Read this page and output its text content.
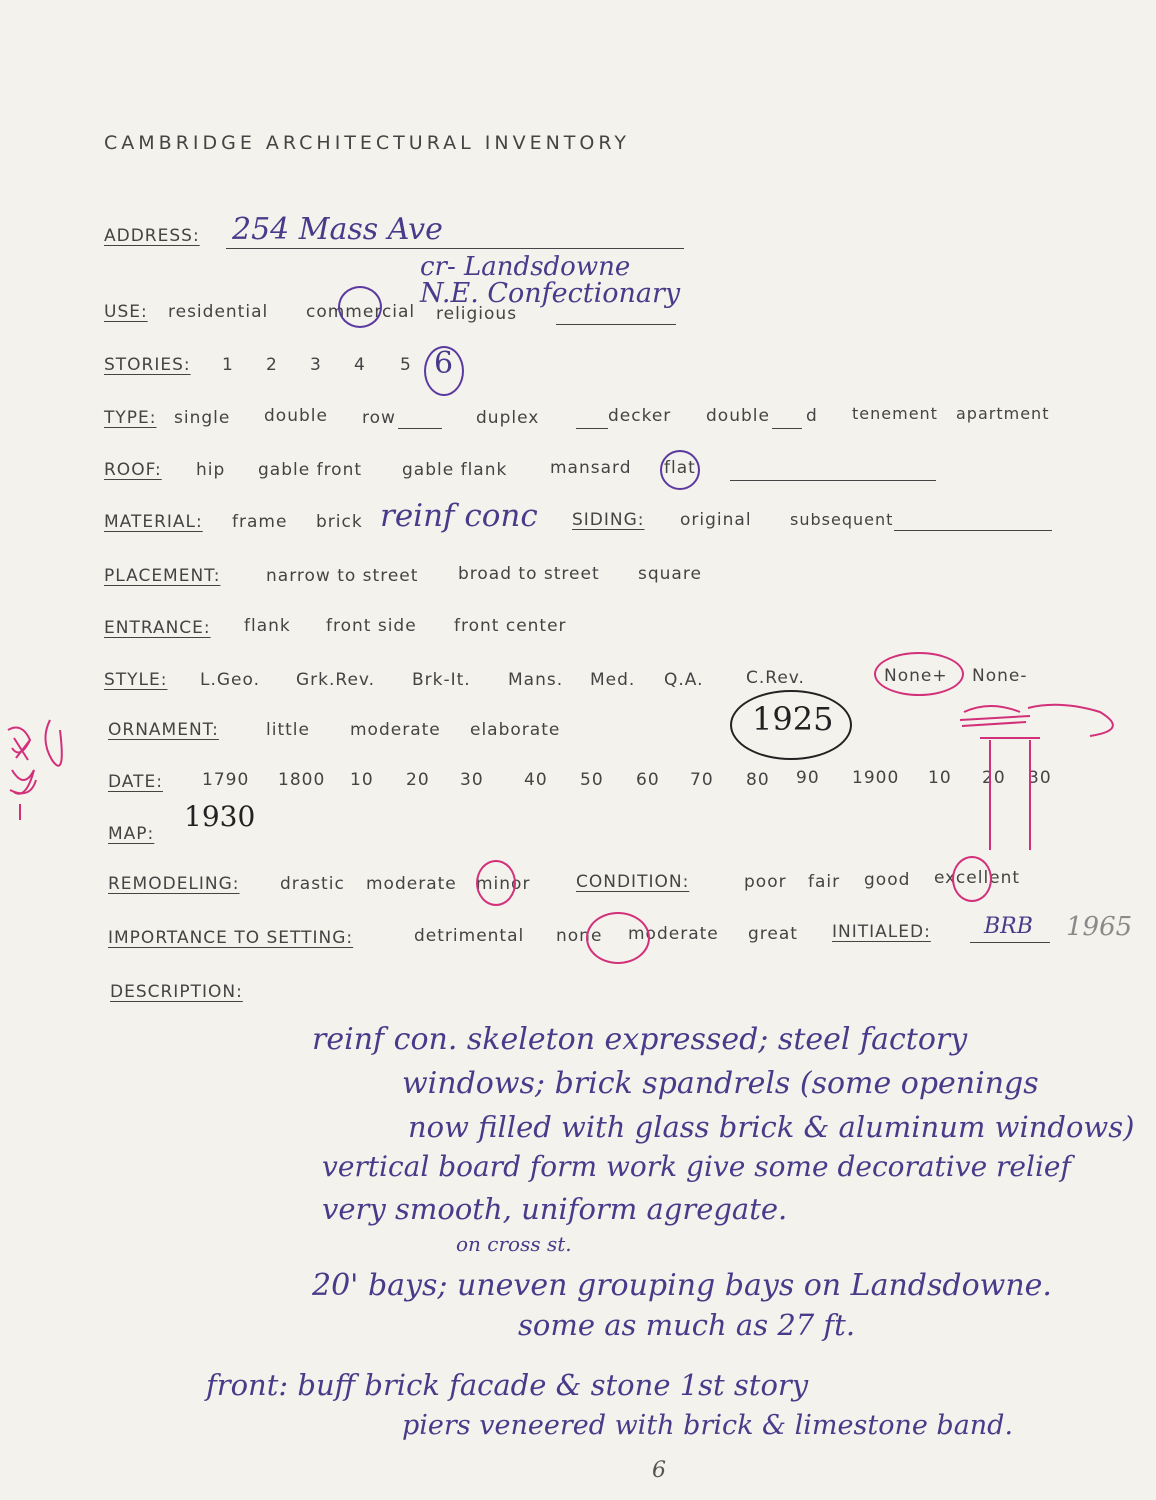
CAMBRIDGE ARCHITECTURAL INVENTORY
ADDRESS: 254 Mass Ave
cr- Landsdowne
USE: residential commercial religious
N.E. Confectionary
STORIES: 1 2 3 4 5 6
TYPE: single double row	duplex	decker double d tenement apartment
ROOF: hip gable front gable flank	mansard flat
MATERIAL: frame brick reinf conc SIDING: original subsequent
PLACEMENT:	narrow to street broad to street square
ENTRANCE: flank front side front center
STYLE: L.Geo. Grk.Rev. Brk-It. Mans. Med. Q.A. C.Rev.	None+ None-
ORNAMENT:	little moderate elaborate	1925
DATE: 1790 1800 10 20 30 40 50 60 70 80 90 1900 10 20 30
MAP:
1930
REMODELING: drastic moderate minor	CONDITION:	poor fair good excellent
IMPORTANCE TO SETTING:	detrimental none moderate great INITIALED: BRB 1965
DESCRIPTION:
reinf con. skeleton expressed; steel factory
windows; brick spandrels (some openings
now filled with glass brick & aluminum windows)
vertical board form work give some decorative relief
very smooth, uniform agregate.
on cross st.
20' bays; uneven grouping bays on Landsdowne.
some as much as 27 ft.
front: buff brick facade & stone 1st story
piers veneered with brick & limestone band.
6
